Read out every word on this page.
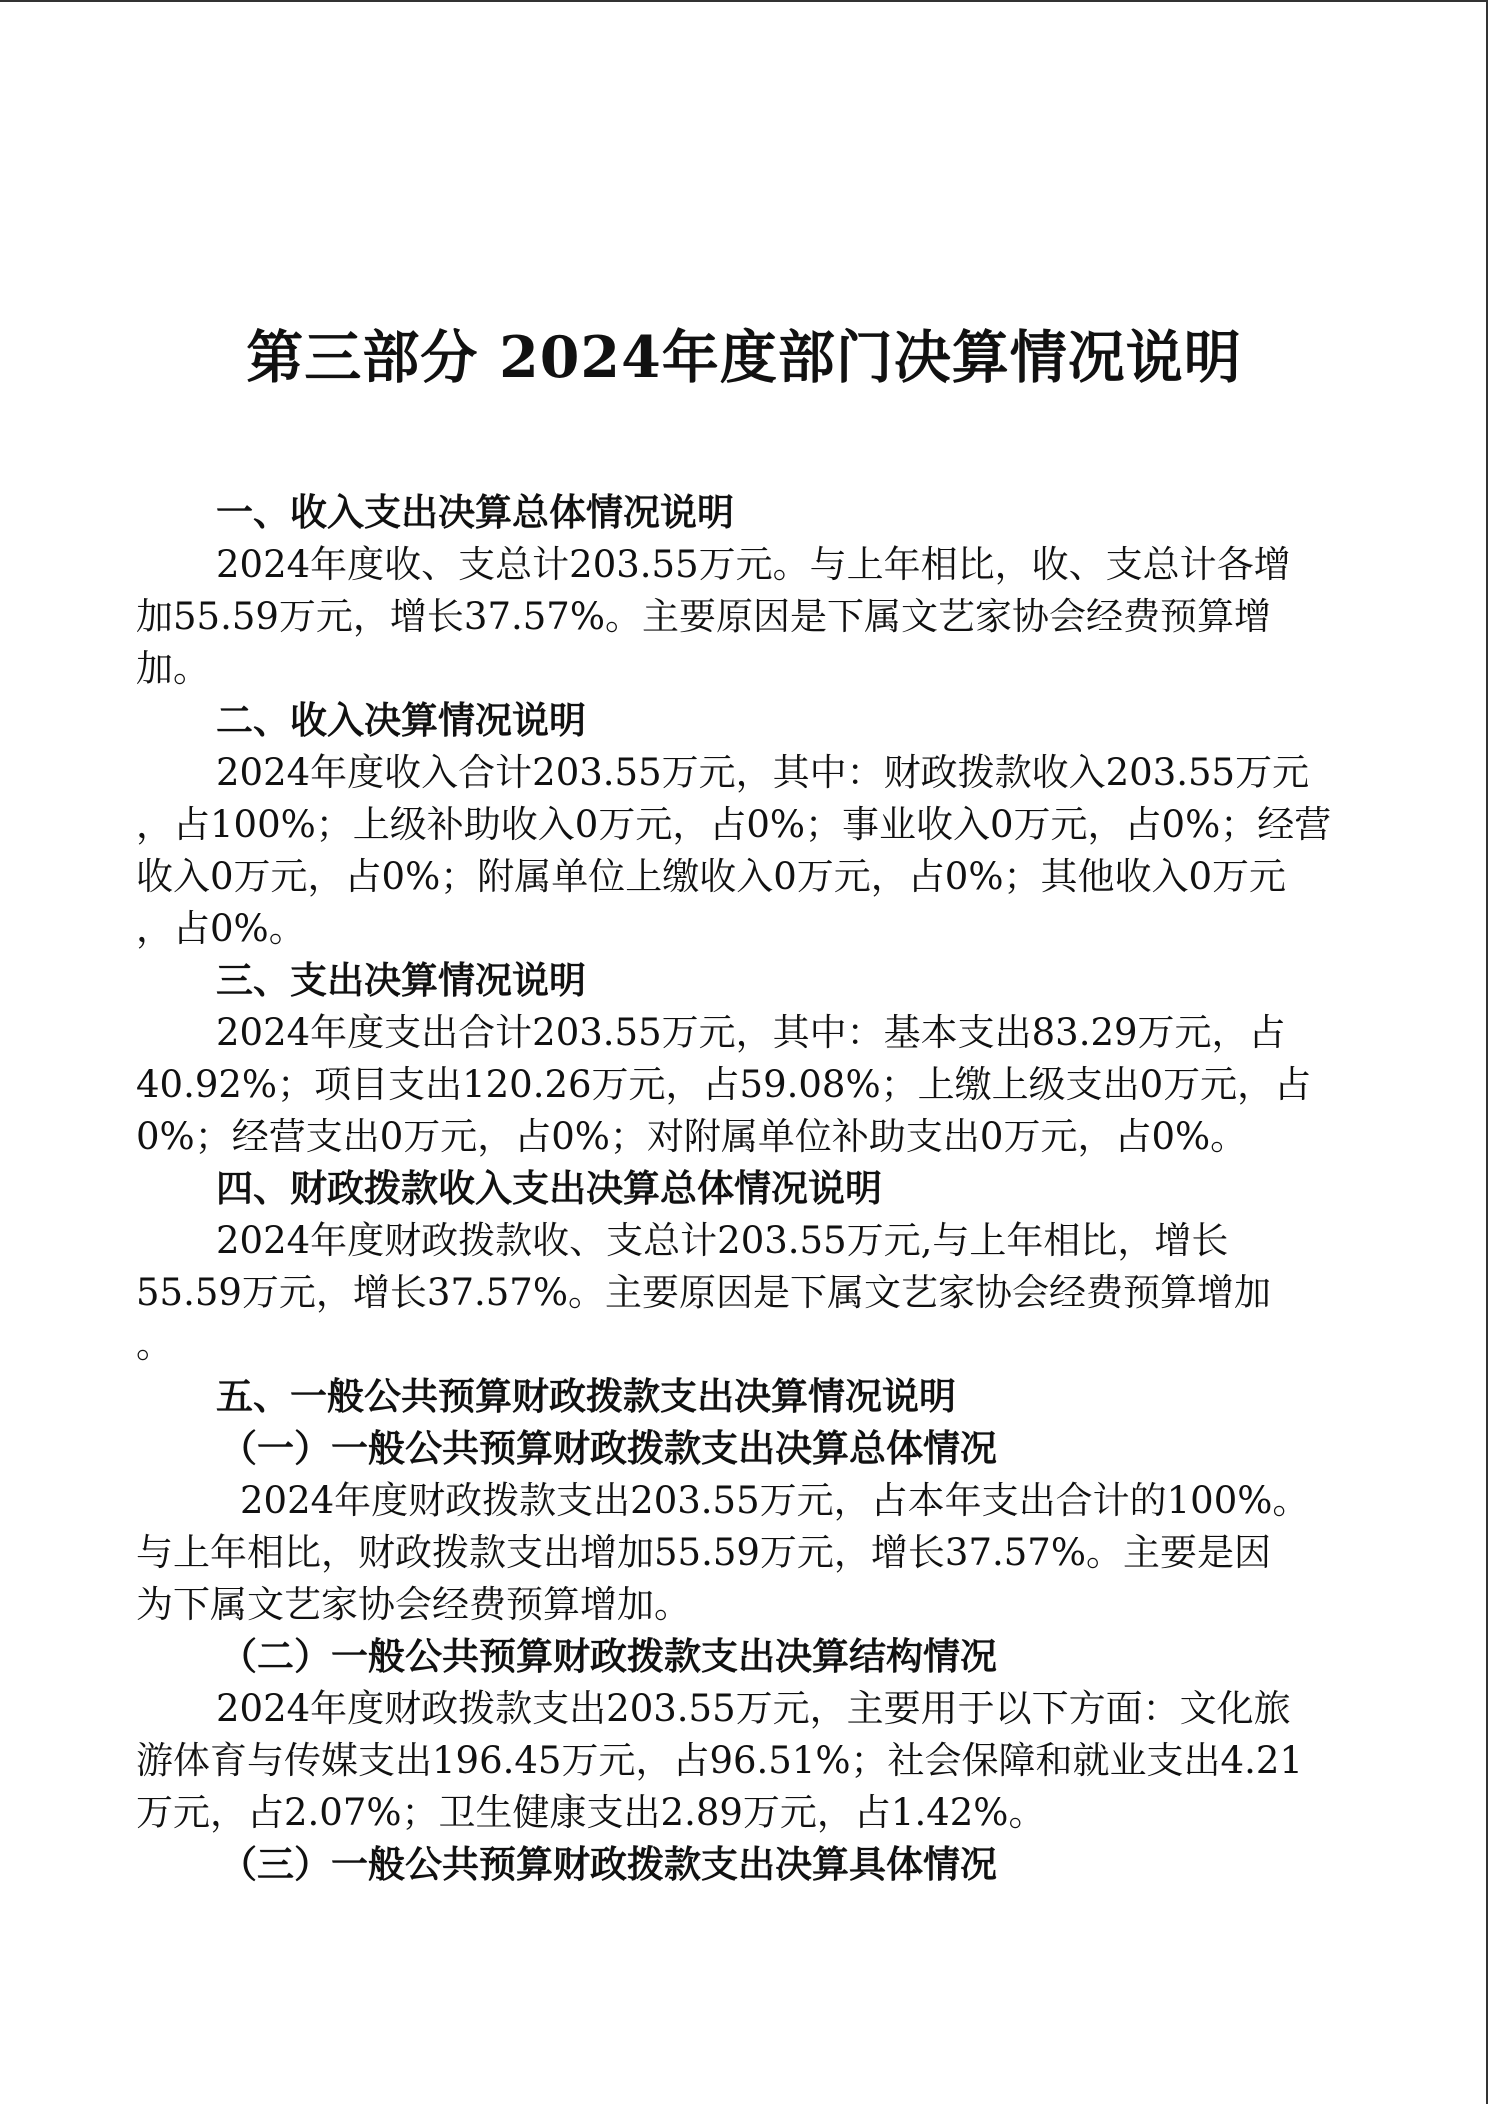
第三部分 2024年度部门决算情况说明
一、收入支出决算总体情况说明
2024年度收、支总计203.55万元。与上年相比，收、支总计各增
加55.59万元，增长37.57%。主要原因是下属文艺家协会经费预算增
加。
二、收入决算情况说明
2024年度收入合计203.55万元，其中：财政拨款收入203.55万元
，占100%；上级补助收入0万元，占0%；事业收入0万元，占0%；经营
收入0万元，占0%；附属单位上缴收入0万元，占0%；其他收入0万元
，占0%。
三、支出决算情况说明
2024年度支出合计203.55万元，其中：基本支出83.29万元，占
40.92%；项目支出120.26万元，占59.08%；上缴上级支出0万元，占
0%；经营支出0万元，占0%；对附属单位补助支出0万元，占0%。
四、财政拨款收入支出决算总体情况说明
2024年度财政拨款收、支总计203.55万元,与上年相比，增长
55.59万元，增长37.57%。主要原因是下属文艺家协会经费预算增加
。
五、一般公共预算财政拨款支出决算情况说明
（一）一般公共预算财政拨款支出决算总体情况
2024年度财政拨款支出203.55万元，占本年支出合计的100%。
与上年相比，财政拨款支出增加55.59万元，增长37.57%。主要是因
为下属文艺家协会经费预算增加。
（二）一般公共预算财政拨款支出决算结构情况
2024年度财政拨款支出203.55万元，主要用于以下方面：文化旅
游体育与传媒支出196.45万元，占96.51%；社会保障和就业支出4.21
万元，占2.07%；卫生健康支出2.89万元，占1.42%。
（三）一般公共预算财政拨款支出决算具体情况
